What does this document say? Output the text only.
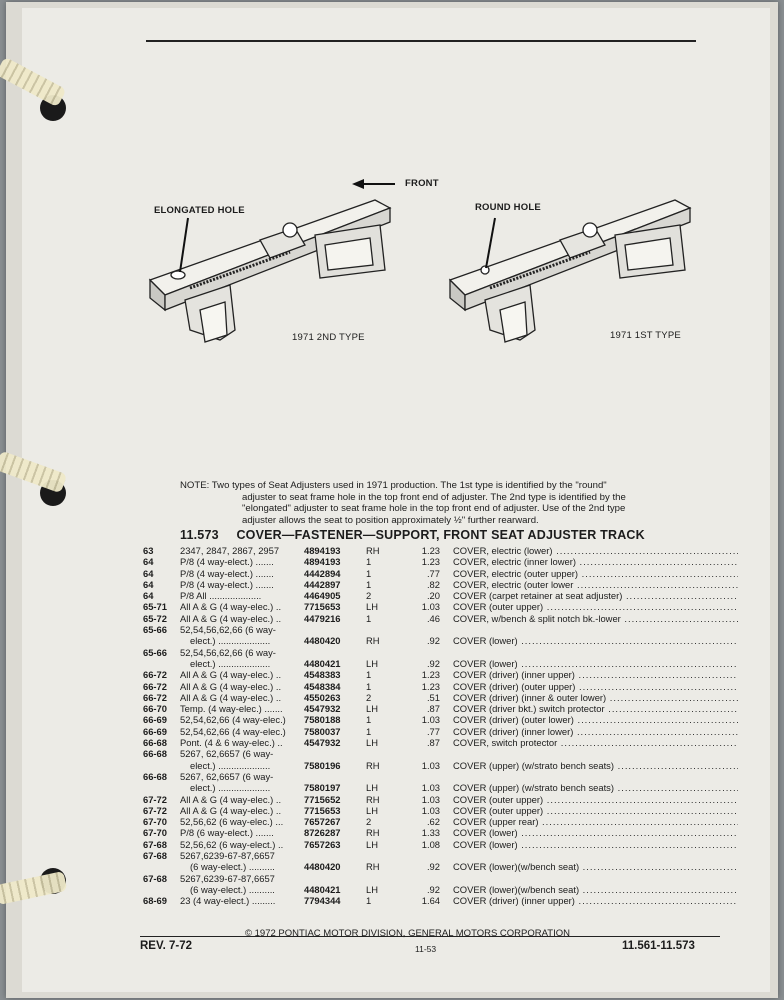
FRONT
ELONGATED HOLE	ROUND HOLE
1971 2ND TYPE	1971 1ST TYPE
NOTE: Two types of Seat Adjusters used in 1971 production. The 1st type is identified by the "round"

adjuster to seat frame hole in the top front end of adjuster. The 2nd type is identified by the
"elongated" adjuster to seat frame hole in the top front end of adjuster. Use of the 2nd type
adjuster allows the seat to position approximately ½" further rearward.
11.573 COVER—FASTENER—SUPPORT, FRONT SEAT ADJUSTER TRACK
63	2347, 2847, 2867, 2957	4894193	RH	1.23 COVER, electric (lower) .....
64	P/8 (4 way-elect.) .......	4894193	1	1.23 COVER, electric (inner lower) .....
64	P/8 (4 way-elect.) .......	4442894	1	.77 COVER, electric (outer upper) .....
64	P/8 (4 way-elect.) .......	4442897	1	.82 COVER, electric (outer lower .....
64	P/8 All ....................	4464905	2	.20 COVER (carpet retainer at seat adjuster) .....
65-71 All A & G (4 way-elec.) ..	7715653	LH	1.03 COVER (outer upper) .....
65-72 All A & G (4 way-elec.) ..	4479216	1	.46 COVER, w/bench & split notch bk.-lower .....
65-66 52,54,56,62,66 (6 way-
elect.) ....................	4480420	RH	.92 COVER (lower) .....
65-66 52,54,56,62,66 (6 way-
elect.) ....................	4480421	LH	.92 COVER (lower) .....
66-72 All A & G (4 way-elec.) ..	4548383	1	1.23 COVER (driver) (inner upper) .....
66-72 All A & G (4 way-elec.) ..	4548384	1	1.23 COVER (driver) (outer upper) .....
66-72 All A & G (4 way-elec.) ..	4550263	2	.51 COVER (driver) (inner & outer lower) .....
66-70 Temp. (4 way-elec.) .......	4547932	LH	.87 COVER (driver bkt.) switch protector .....
66-69 52,54,62,66 (4 way-elec.)	7580188	1	1.03 COVER (driver) (outer lower) .....
66-69 52,54,62,66 (4 way-elec.)	7580037	1	.77 COVER (driver) (inner lower) .....
66-68 Pont. (4 & 6 way-elec.) ..	4547932	LH	.87 COVER, switch protector .....
66-68 5267, 62,6657 (6 way-
elect.) ....................	7580196	RH	1.03 COVER (upper) (w/strato bench seats) .....
66-68 5267, 62,6657 (6 way-
elect.) ....................	7580197	LH	1.03 COVER (upper) (w/strato bench seats) .....
67-72 All A & G (4 way-elec.) ..	7715652	RH	1.03 COVER (outer upper) .....
67-72 All A & G (4 way-elec.) ..	7715653	LH	1.03 COVER (outer upper) .....
67-70 52,56,62 (6 way-elec.) ...	7657267	2	.62 COVER (upper rear) .....
67-70 P/8 (6 way-elect.) .......	8726287	RH	1.33 COVER (lower) .....
67-68 52,56,62 (6 way-elect.) ..	7657263	LH	1.08 COVER (lower) .....
67-68 5267,6239-67-87,6657
(6 way-elect.) ..........	4480420	RH	.92 COVER (lower)(w/bench seat) .....
67-68 5267,6239-67-87,6657
(6 way-elect.) ..........	4480421	LH	.92 COVER (lower)(w/bench seat) .....
68-69 23 (4 way-elect.) .........	7794344	1	1.64 COVER (driver) (inner upper) .....
© 1972 PONTIAC MOTOR DIVISION, GENERAL MOTORS CORPORATION
REV. 7-72	11-53	11.561-11.573
